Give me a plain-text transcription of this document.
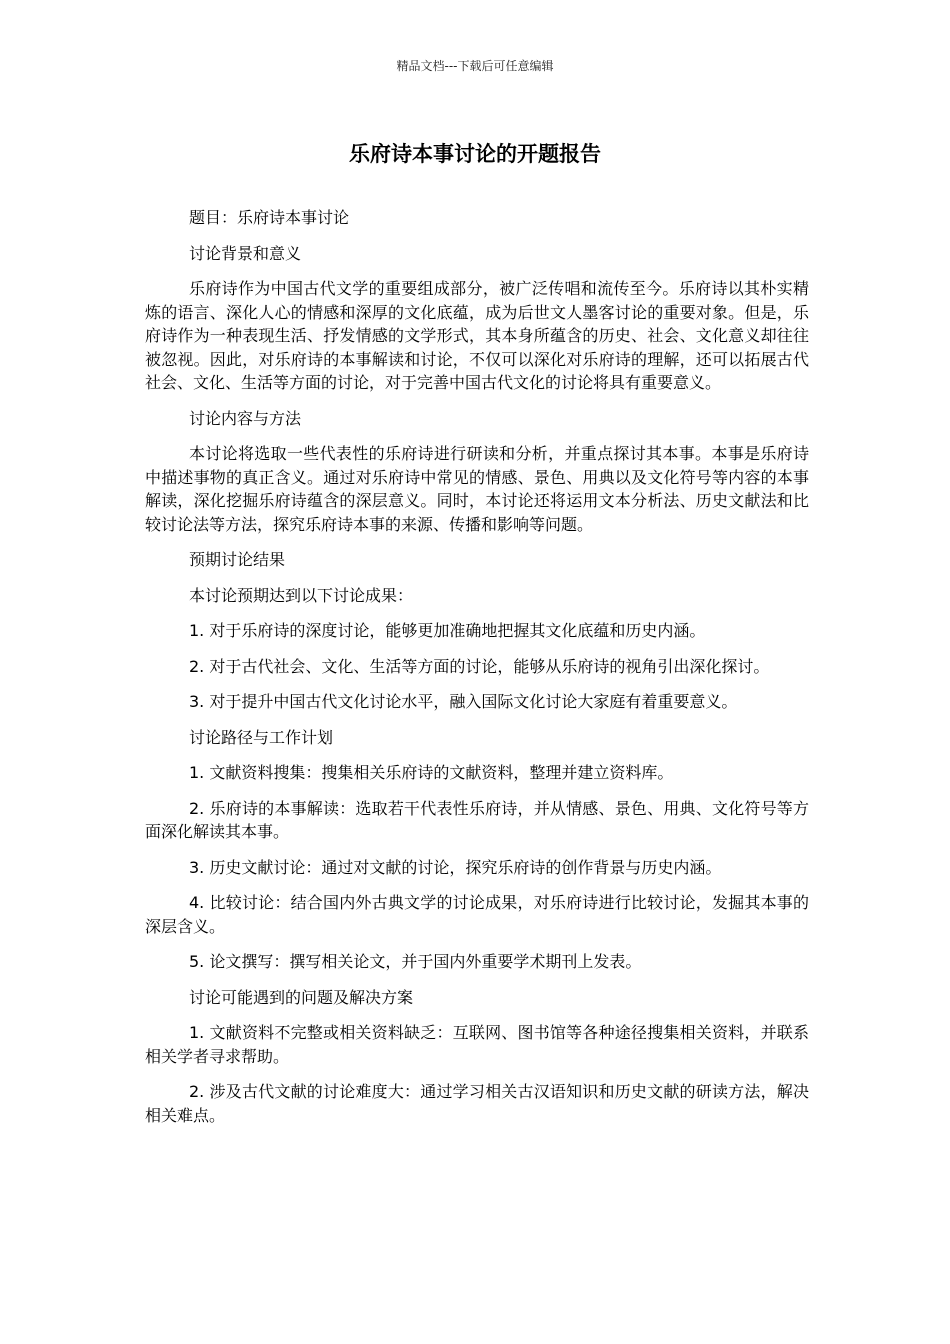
精品文档---下载后可任意编辑
乐府诗本事讨论的开题报告

题目：乐府诗本事讨论

讨论背景和意义

乐府诗作为中国古代文学的重要组成部分，被广泛传唱和流传至今。乐府诗以其朴实精炼的语言、深化人心的情感和深厚的文化底蕴，成为后世文人墨客讨论的重要对象。但是，乐府诗作为一种表现生活、抒发情感的文学形式，其本身所蕴含的历史、社会、文化意义却往往被忽视。因此，对乐府诗的本事解读和讨论，不仅可以深化对乐府诗的理解，还可以拓展古代社会、文化、生活等方面的讨论，对于完善中国古代文化的讨论将具有重要意义。

讨论内容与方法

本讨论将选取一些代表性的乐府诗进行研读和分析，并重点探讨其本事。本事是乐府诗中描述事物的真正含义。通过对乐府诗中常见的情感、景色、用典以及文化符号等内容的本事解读，深化挖掘乐府诗蕴含的深层意义。同时，本讨论还将运用文本分析法、历史文献法和比较讨论法等方法，探究乐府诗本事的来源、传播和影响等问题。

预期讨论结果

本讨论预期达到以下讨论成果：

1. 对于乐府诗的深度讨论，能够更加准确地把握其文化底蕴和历史内涵。

2. 对于古代社会、文化、生活等方面的讨论，能够从乐府诗的视角引出深化探讨。

3. 对于提升中国古代文化讨论水平，融入国际文化讨论大家庭有着重要意义。

讨论路径与工作计划

1. 文献资料搜集：搜集相关乐府诗的文献资料，整理并建立资料库。

2. 乐府诗的本事解读：选取若干代表性乐府诗，并从情感、景色、用典、文化符号等方面深化解读其本事。

3. 历史文献讨论：通过对文献的讨论，探究乐府诗的创作背景与历史内涵。

4. 比较讨论：结合国内外古典文学的讨论成果，对乐府诗进行比较讨论，发掘其本事的深层含义。

5. 论文撰写：撰写相关论文，并于国内外重要学术期刊上发表。

讨论可能遇到的问题及解决方案

1. 文献资料不完整或相关资料缺乏：互联网、图书馆等各种途径搜集相关资料，并联系相关学者寻求帮助。

2. 涉及古代文献的讨论难度大：通过学习相关古汉语知识和历史文献的研读方法，解决相关难点。
